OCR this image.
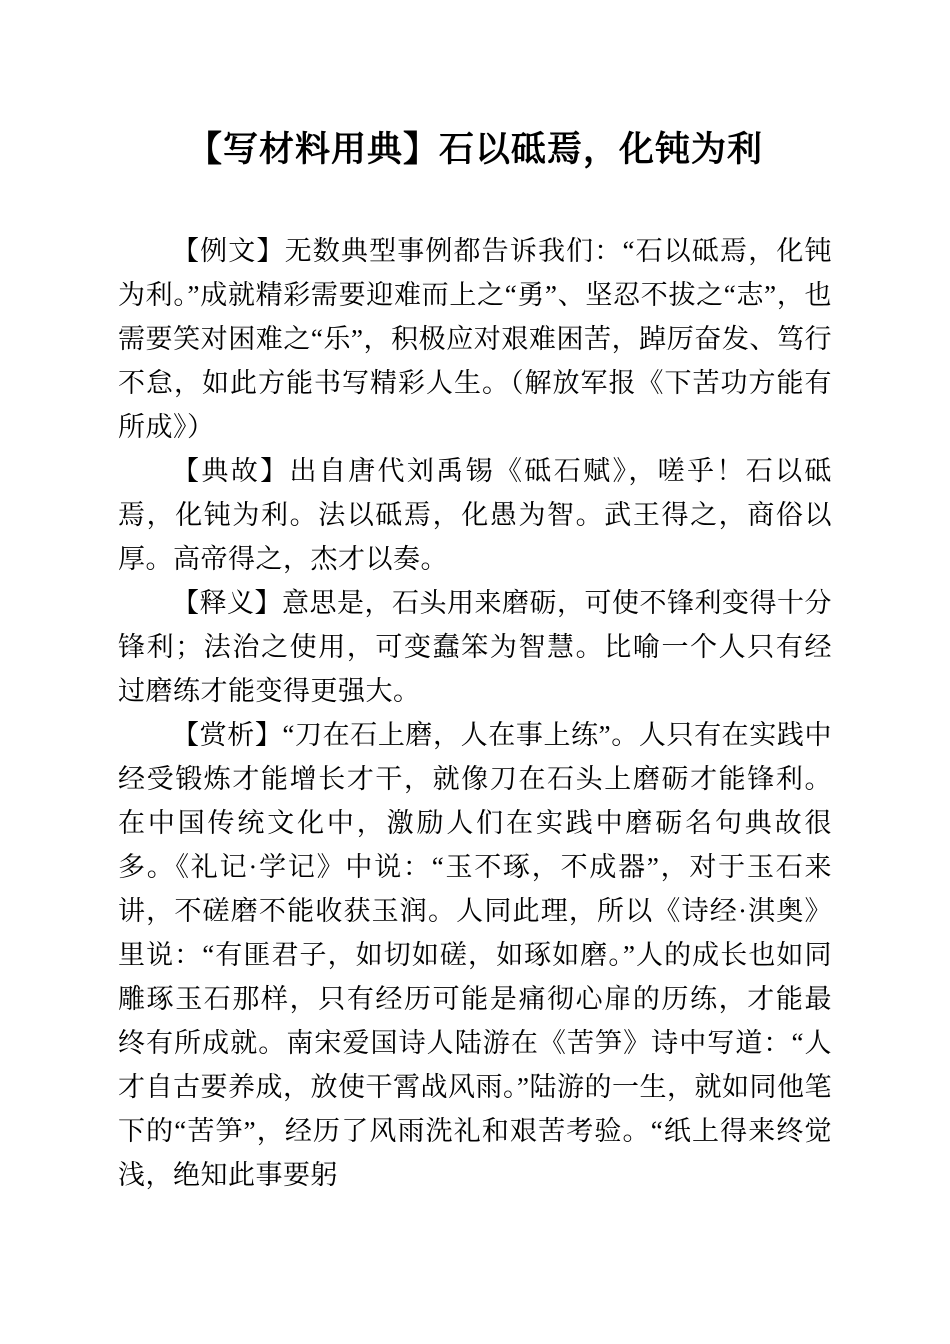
【写材料用典】石以砥焉，化钝为利

【例文】无数典型事例都告诉我们：“石以砥焉，化钝为利。”成就精彩需要迎难而上之“勇”、坚忍不拔之“志”，也需要笑对困难之“乐”，积极应对艰难困苦，踔厉奋发、笃行不怠，如此方能书写精彩人生。（解放军报《下苦功方能有所成》）

【典故】出自唐代刘禹锡《砥石赋》，嗟乎！石以砥焉，化钝为利。法以砥焉，化愚为智。武王得之，商俗以厚。高帝得之，杰才以奏。

【释义】意思是，石头用来磨砺，可使不锋利变得十分锋利；法治之使用，可变蠢笨为智慧。比喻一个人只有经过磨练才能变得更强大。

【赏析】“刀在石上磨，人在事上练”。人只有在实践中经受锻炼才能增长才干，就像刀在石头上磨砺才能锋利。在中国传统文化中，激励人们在实践中磨砺名句典故很多。《礼记·学记》中说：“玉不琢，不成器”，对于玉石来讲，不磋磨不能收获玉润。人同此理，所以《诗经·淇奥》里说：“有匪君子，如切如磋，如琢如磨。”人的成长也如同雕琢玉石那样，只有经历可能是痛彻心扉的历练，才能最终有所成就。南宋爱国诗人陆游在《苦笋》诗中写道：“人才自古要养成，放使干霄战风雨。”陆游的一生，就如同他笔下的“苦笋”，经历了风雨洗礼和艰苦考验。“纸上得来终觉浅，绝知此事要躬
